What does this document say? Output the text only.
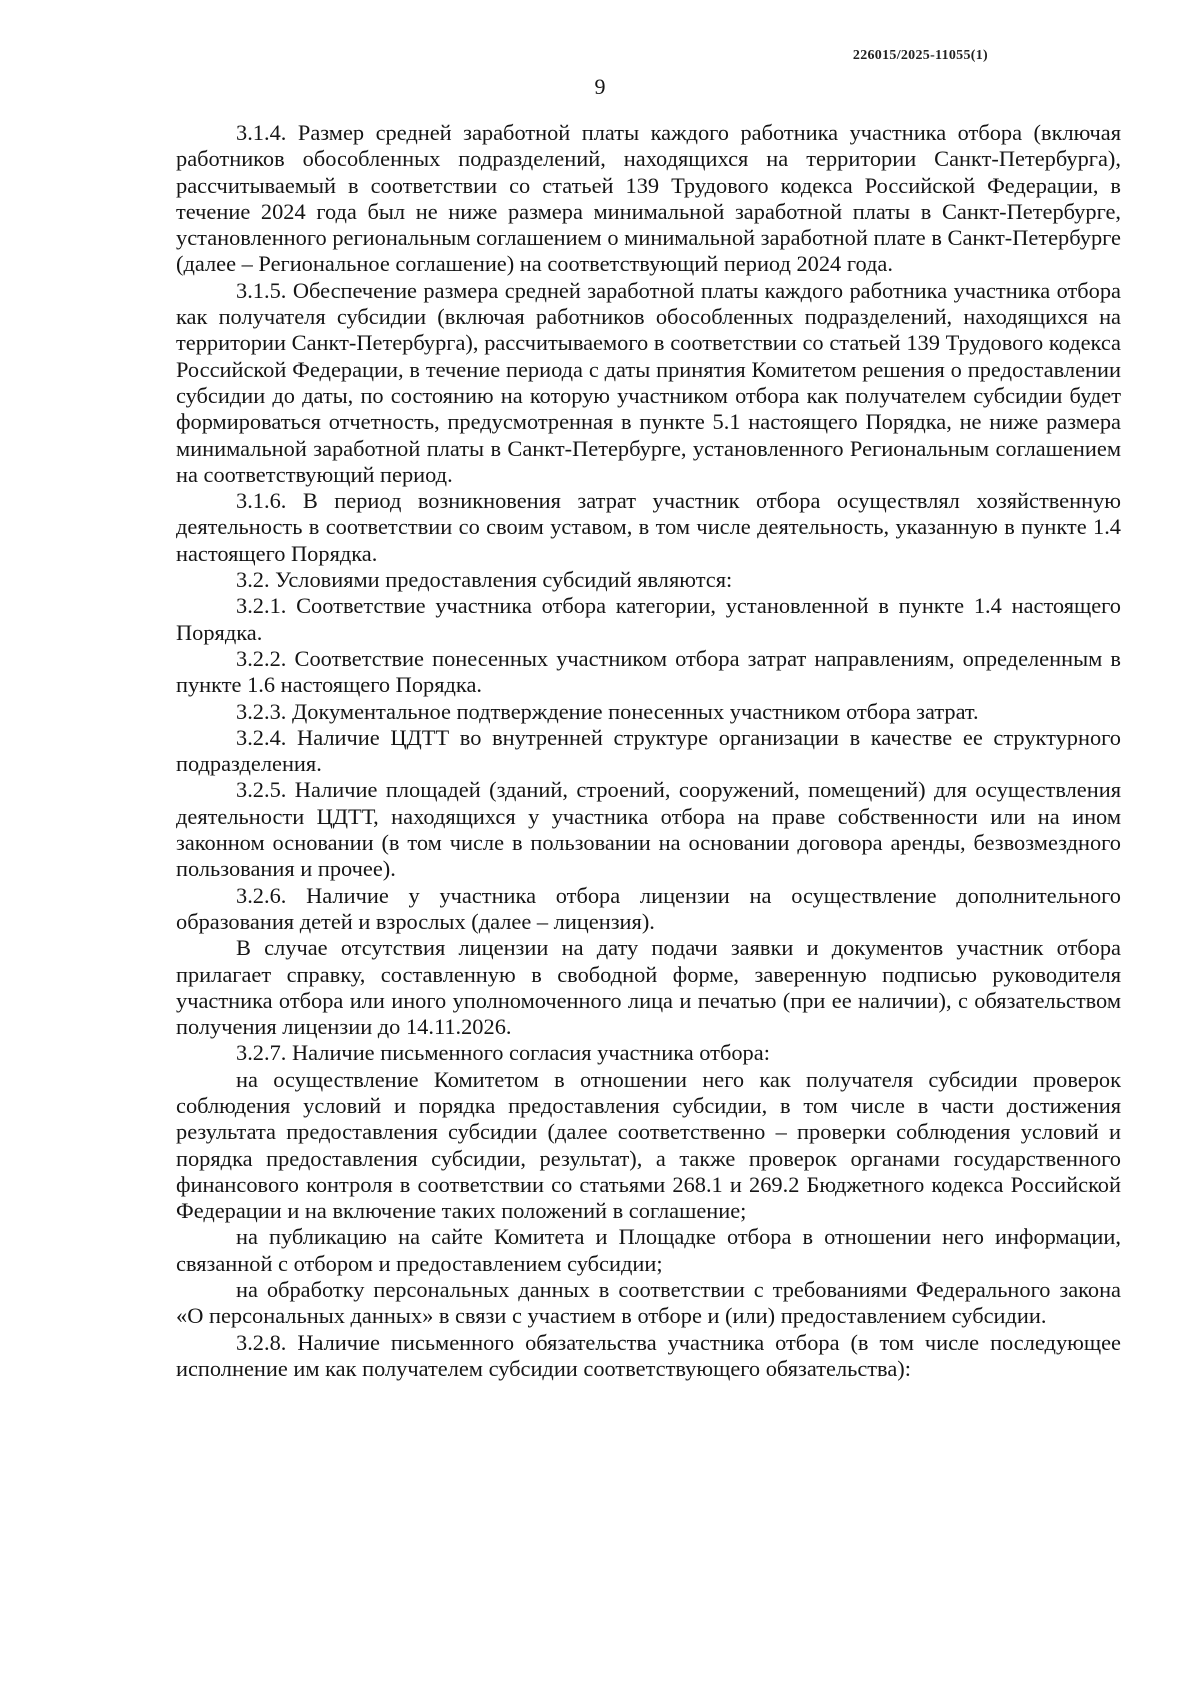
226015/2025-11055(1)
9

3.1.4. Размер средней заработной платы каждого работника участника отбора (включая работников обособленных подразделений, находящихся на территории Санкт-Петербурга), рассчитываемый в соответствии со статьей 139 Трудового кодекса Российской Федерации, в течение 2024 года был не ниже размера минимальной заработной платы в Санкт-Петербурге, установленного региональным соглашением о минимальной заработной плате в Санкт-Петербурге (далее – Региональное соглашение) на соответствующий период 2024 года.

3.1.5. Обеспечение размера средней заработной платы каждого работника участника отбора как получателя субсидии (включая работников обособленных подразделений, находящихся на территории Санкт-Петербурга), рассчитываемого в соответствии со статьей 139 Трудового кодекса Российской Федерации, в течение периода с даты принятия Комитетом решения о предоставлении субсидии до даты, по состоянию на которую участником отбора как получателем субсидии будет формироваться отчетность, предусмотренная в пункте 5.1 настоящего Порядка, не ниже размера минимальной заработной платы в Санкт-Петербурге, установленного Региональным соглашением на соответствующий период.

3.1.6. В период возникновения затрат участник отбора осуществлял хозяйственную деятельность в соответствии со своим уставом, в том числе деятельность, указанную в пункте 1.4 настоящего Порядка.

3.2. Условиями предоставления субсидий являются:

3.2.1. Соответствие участника отбора категории, установленной в пункте 1.4 настоящего Порядка.

3.2.2. Соответствие понесенных участником отбора затрат направлениям, определенным в пункте 1.6 настоящего Порядка.

3.2.3. Документальное подтверждение понесенных участником отбора затрат.

3.2.4. Наличие ЦДТТ во внутренней структуре организации в качестве ее структурного подразделения.

3.2.5. Наличие площадей (зданий, строений, сооружений, помещений) для осуществления деятельности ЦДТТ, находящихся у участника отбора на праве собственности или на ином законном основании (в том числе в пользовании на основании договора аренды, безвозмездного пользования и прочее).

3.2.6. Наличие у участника отбора лицензии на осуществление дополнительного образования детей и взрослых (далее – лицензия).

В случае отсутствия лицензии на дату подачи заявки и документов участник отбора прилагает справку, составленную в свободной форме, заверенную подписью руководителя участника отбора или иного уполномоченного лица и печатью (при ее наличии), с обязательством получения лицензии до 14.11.2026.

3.2.7. Наличие письменного согласия участника отбора:

на осуществление Комитетом в отношении него как получателя субсидии проверок соблюдения условий и порядка предоставления субсидии, в том числе в части достижения результата предоставления субсидии (далее соответственно – проверки соблюдения условий и порядка предоставления субсидии, результат), а также проверок органами государственного финансового контроля в соответствии со статьями 268.1 и 269.2 Бюджетного кодекса Российской Федерации и на включение таких положений в соглашение;

на публикацию на сайте Комитета и Площадке отбора в отношении него информации, связанной с отбором и предоставлением субсидии;

на обработку персональных данных в соответствии с требованиями Федерального закона «О персональных данных» в связи с участием в отборе и (или) предоставлением субсидии.

3.2.8. Наличие письменного обязательства участника отбора (в том числе последующее исполнение им как получателем субсидии соответствующего обязательства):
